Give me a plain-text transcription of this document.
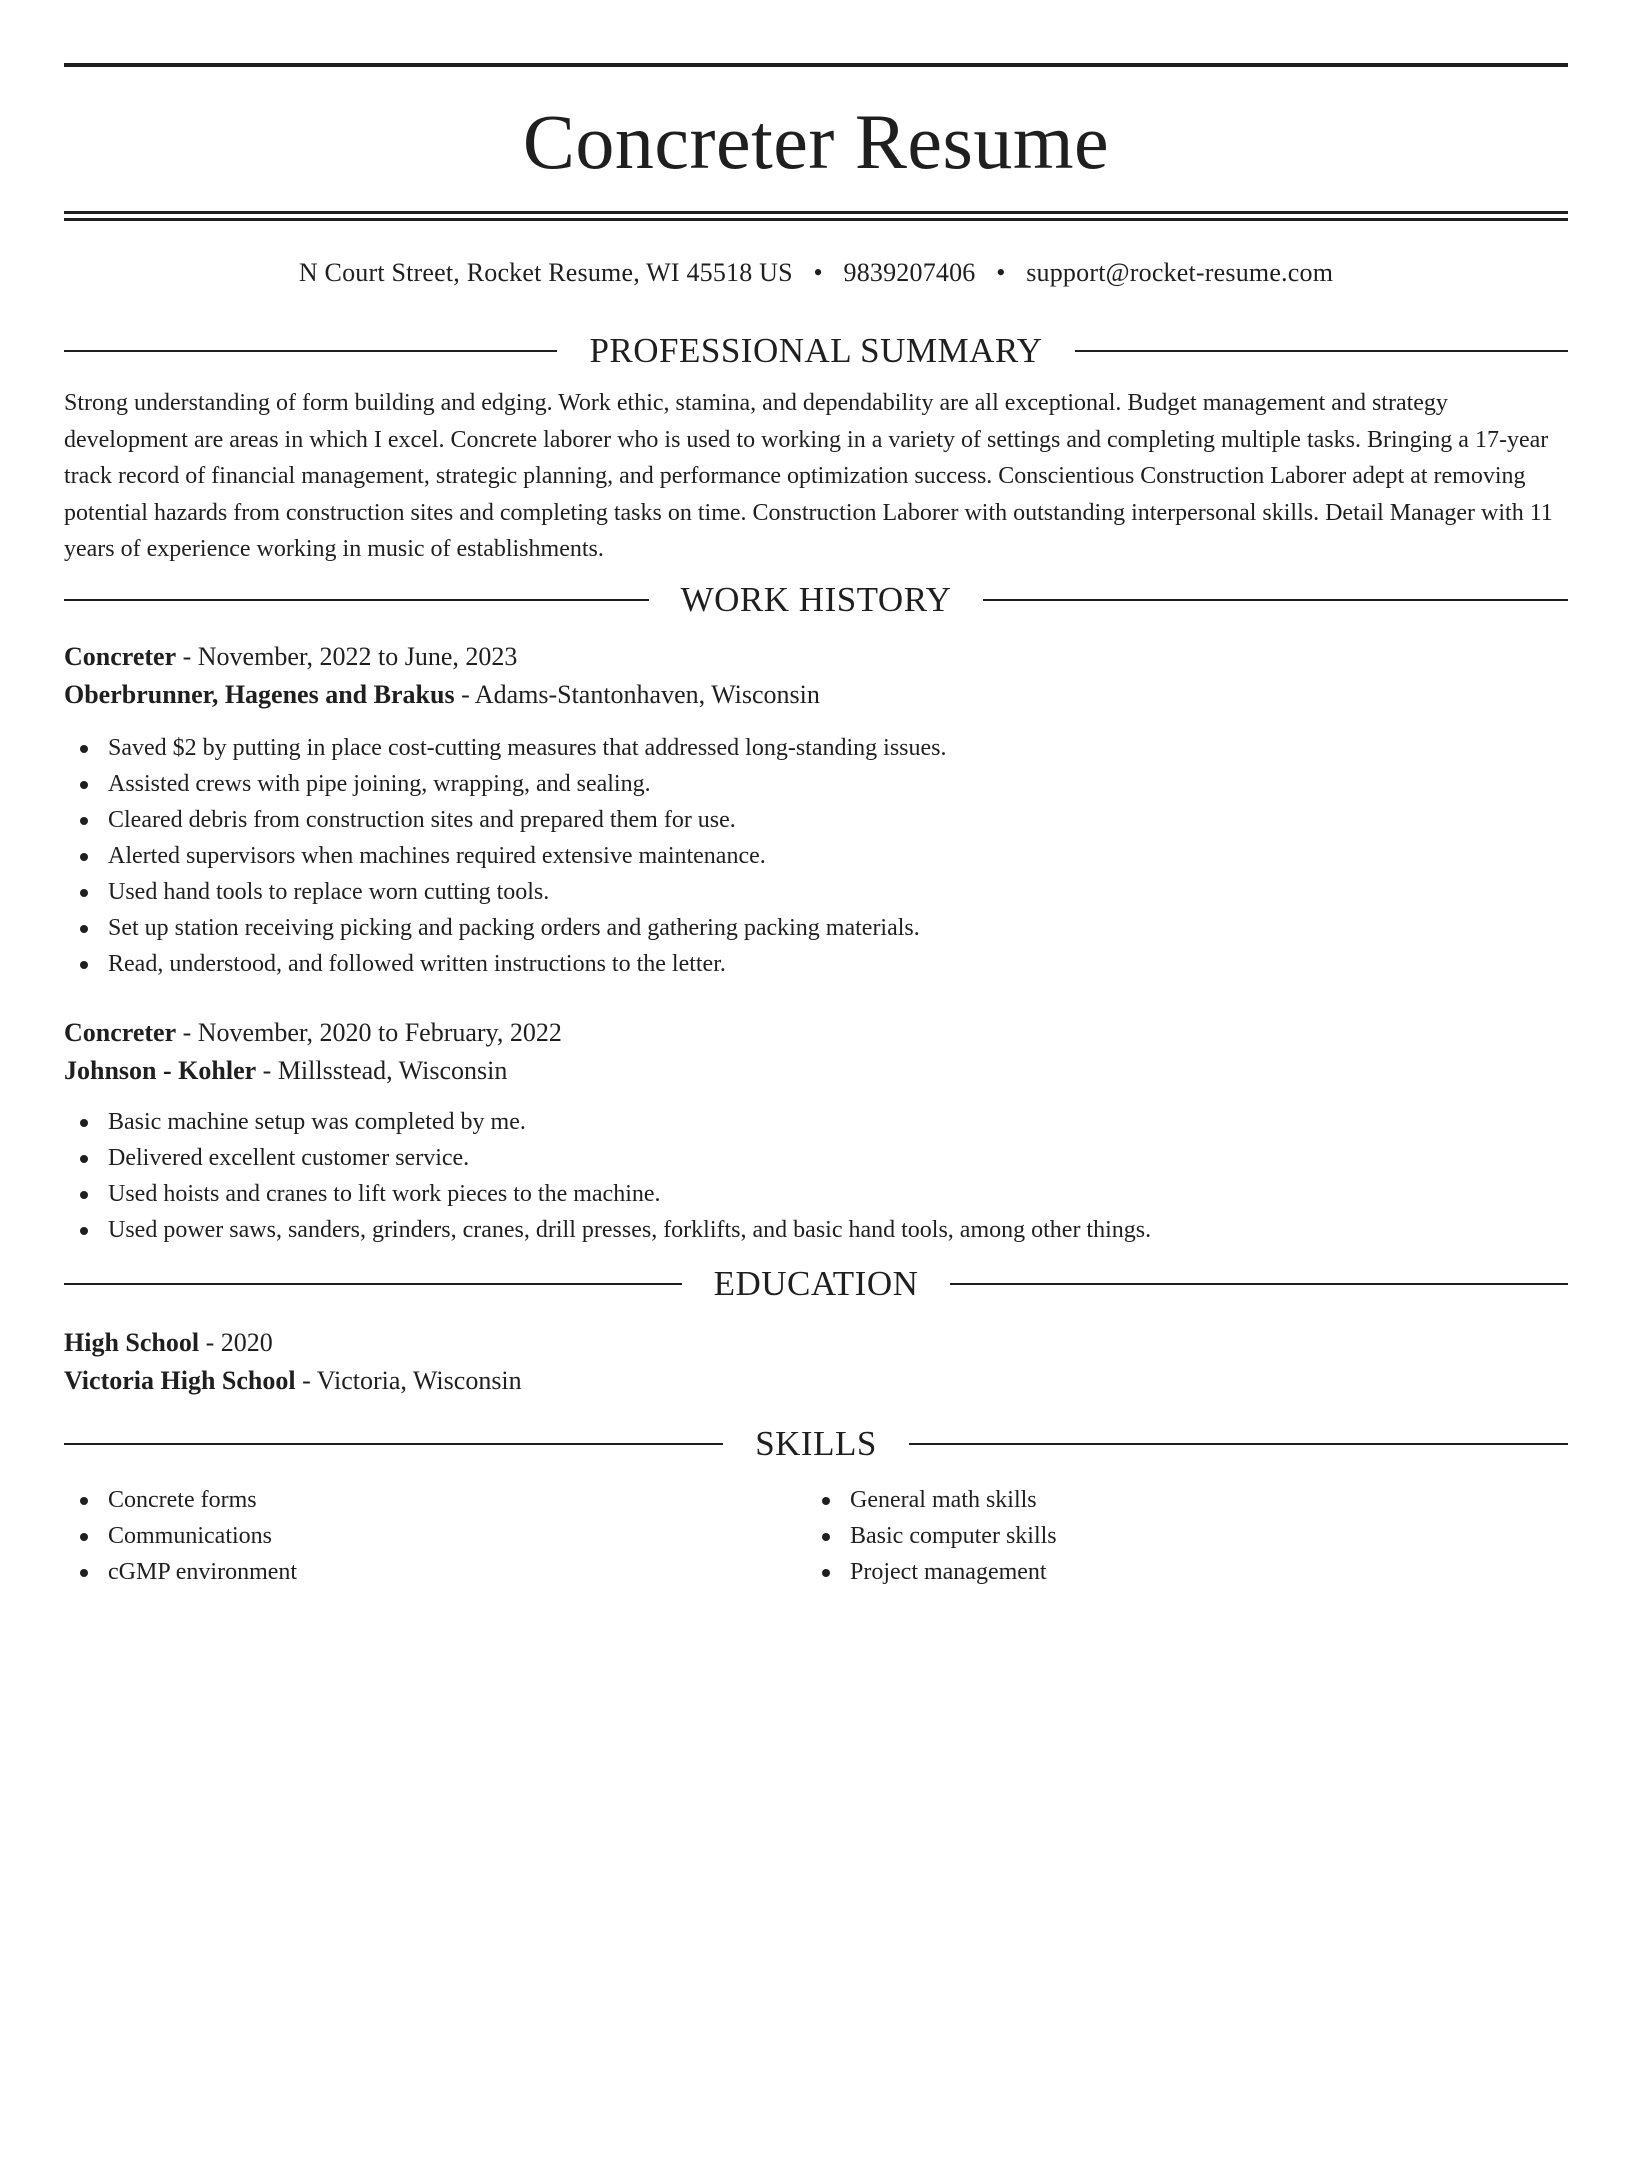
Concreter Resume
N Court Street, Rocket Resume, WI 45518 US • 9839207406 • support@rocket-resume.com
PROFESSIONAL SUMMARY
Strong understanding of form building and edging. Work ethic, stamina, and dependability are all exceptional. Budget management and strategy development are areas in which I excel. Concrete laborer who is used to working in a variety of settings and completing multiple tasks. Bringing a 17-year track record of financial management, strategic planning, and performance optimization success. Conscientious Construction Laborer adept at removing potential hazards from construction sites and completing tasks on time. Construction Laborer with outstanding interpersonal skills. Detail Manager with 11 years of experience working in music of establishments.
WORK HISTORY
Concreter - November, 2022 to June, 2023
Oberbrunner, Hagenes and Brakus - Adams-Stantonhaven, Wisconsin
Saved $2 by putting in place cost-cutting measures that addressed long-standing issues.
Assisted crews with pipe joining, wrapping, and sealing.
Cleared debris from construction sites and prepared them for use.
Alerted supervisors when machines required extensive maintenance.
Used hand tools to replace worn cutting tools.
Set up station receiving picking and packing orders and gathering packing materials.
Read, understood, and followed written instructions to the letter.
Concreter - November, 2020 to February, 2022
Johnson - Kohler - Millsstead, Wisconsin
Basic machine setup was completed by me.
Delivered excellent customer service.
Used hoists and cranes to lift work pieces to the machine.
Used power saws, sanders, grinders, cranes, drill presses, forklifts, and basic hand tools, among other things.
EDUCATION
High School - 2020
Victoria High School - Victoria, Wisconsin
SKILLS
Concrete forms
Communications
cGMP environment
General math skills
Basic computer skills
Project management
